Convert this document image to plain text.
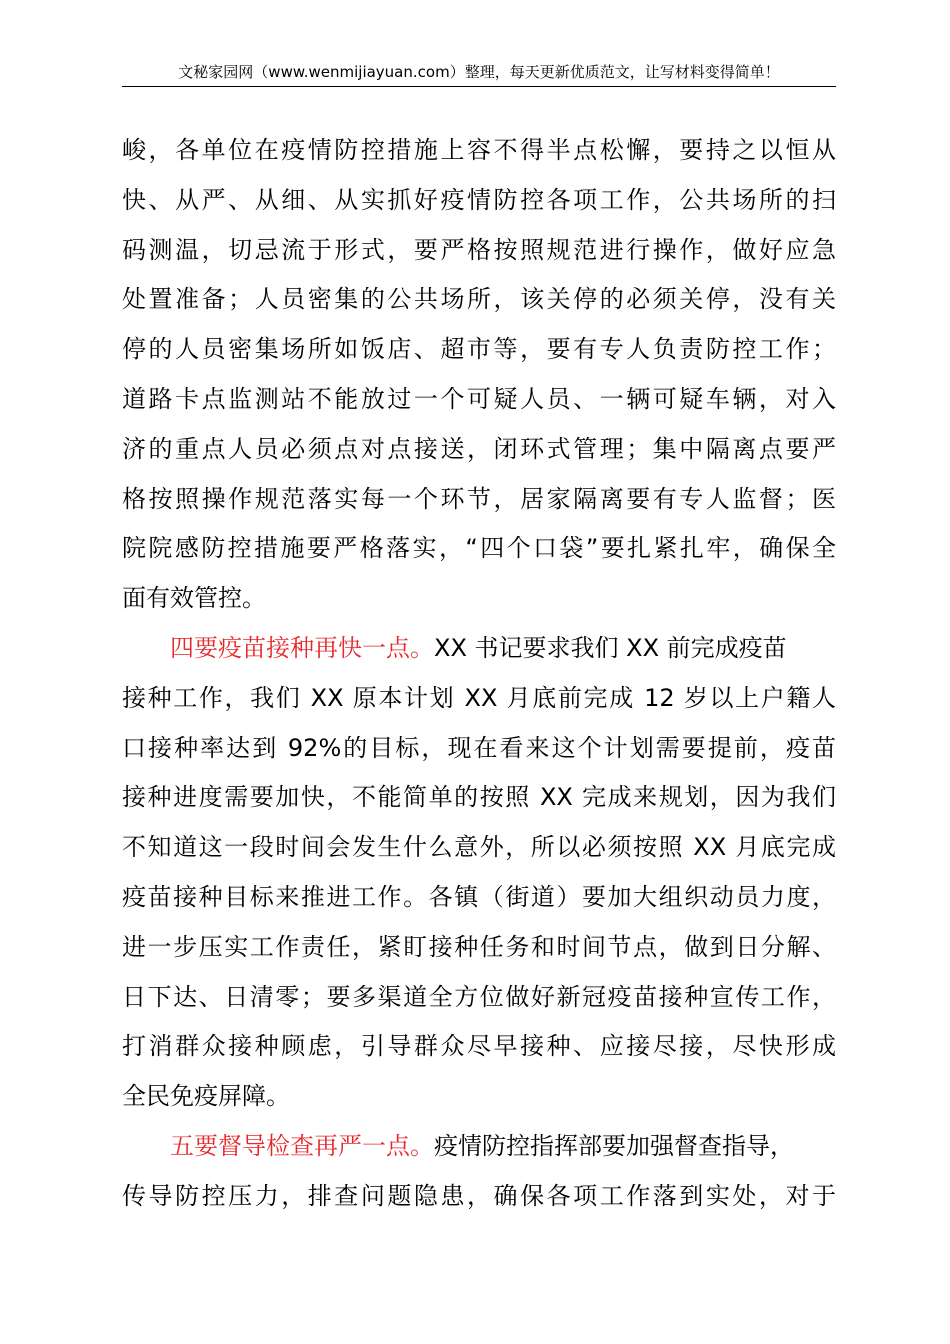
文秘家园网（www.wenmijiayuan.com）整理，每天更新优质范文，让写材料变得简单！
峻，各单位在疫情防控措施上容不得半点松懈，要持之以恒从
快、从严、从细、从实抓好疫情防控各项工作，公共场所的扫
码测温，切忌流于形式，要严格按照规范进行操作，做好应急
处置准备；人员密集的公共场所，该关停的必须关停，没有关
停的人员密集场所如饭店、超市等，要有专人负责防控工作；
道路卡点监测站不能放过一个可疑人员、一辆可疑车辆，对入
济的重点人员必须点对点接送，闭环式管理；集中隔离点要严
格按照操作规范落实每一个环节，居家隔离要有专人监督；医
院院感防控措施要严格落实，“四个口袋”要扎紧扎牢，确保全
面有效管控。
四要疫苗接种再快一点。XX 书记要求我们 XX 前完成疫苗
接种工作，我们 XX 原本计划 XX 月底前完成 12 岁以上户籍人
口接种率达到 92%的目标，现在看来这个计划需要提前，疫苗
接种进度需要加快，不能简单的按照 XX 完成来规划，因为我们
不知道这一段时间会发生什么意外，所以必须按照 XX 月底完成
疫苗接种目标来推进工作。各镇（街道）要加大组织动员力度，
进一步压实工作责任，紧盯接种任务和时间节点，做到日分解、
日下达、日清零；要多渠道全方位做好新冠疫苗接种宣传工作，
打消群众接种顾虑，引导群众尽早接种、应接尽接，尽快形成
全民免疫屏障。
五要督导检查再严一点。疫情防控指挥部要加强督查指导，
传导防控压力，排查问题隐患，确保各项工作落到实处，对于
